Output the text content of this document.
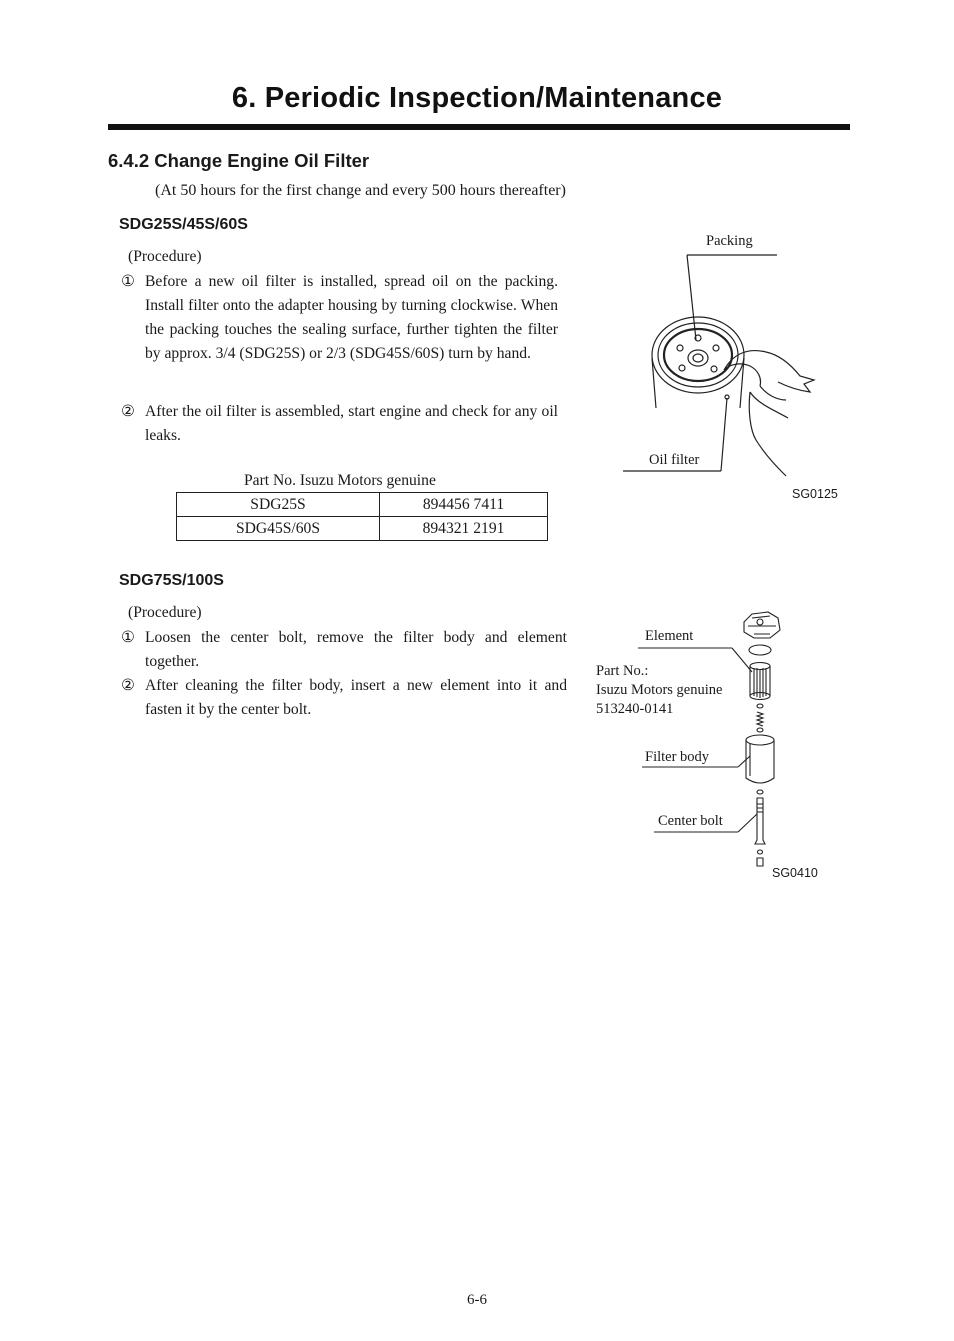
6. Periodic Inspection/Maintenance
6.4.2 Change Engine Oil Filter
(At 50 hours for the first change and every 500 hours thereafter)
SDG25S/45S/60S
(Procedure)
① Before a new oil filter is installed, spread oil on the packing. Install filter onto the adapter housing by turning clockwise. When the packing touches the sealing surface, further tighten the filter by approx. 3/4 (SDG25S) or 2/3 (SDG45S/60S) turn by hand.
② After the oil filter is assembled, start engine and check for any oil leaks.
Part No. Isuzu Motors genuine
SDG25S	894456 7411
SDG45S/60S	894321 2191
Packing
Oil filter
SG0125
SDG75S/100S
(Procedure)
① Loosen the center bolt, remove the filter body and element together.
② After cleaning the filter body, insert a new element into it and fasten it by the center bolt.
Element
Part No.:
Isuzu Motors genuine
513240-0141
Filter body
Center bolt
SG0410
6-6
